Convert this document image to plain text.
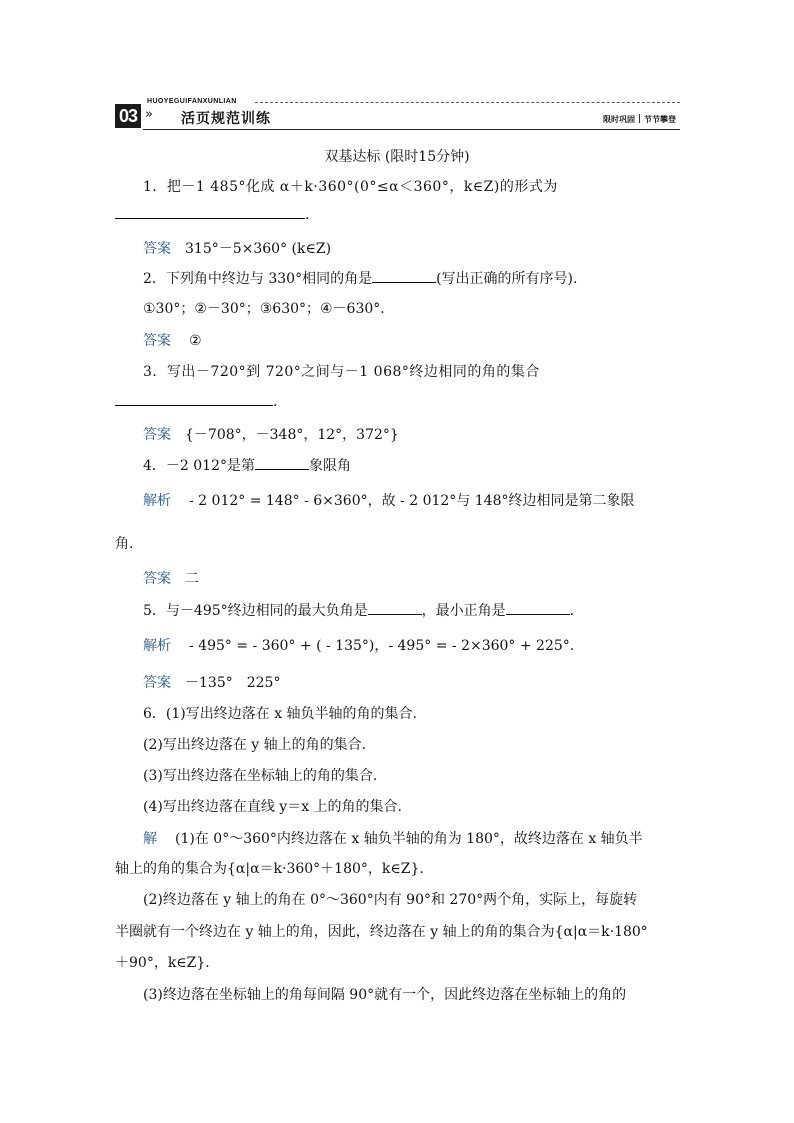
03
HUOYEGUIFANXUNLIAN
» 活页规范训练	限时巩固 节节攀登
双基达标 (限时15分钟)
1．把－1 485°化成 α＋k·360°(0°≤α＜360°，k∈Z)的形式为
.
答案 315°－5×360° (k∈Z)
2．下列角中终边与 330°相同的角是	(写出正确的所有序号).
①30°；②－30°；③630°；④－630°.
答案 ②
3．写出－720°到 720°之间与－1 068°终边相同的角的集合
.
答案 {－708°，－348°，12°，372°}
4．－2 012°是第	象限角
解析 - 2 012° = 148° - 6×360°，故 - 2 012°与 148°终边相同是第二象限
角．
答案 二
5．与－495°终边相同的最大负角是	，最小正角是	.
解析 - 495° = - 360° + ( - 135°)，- 495° = - 2×360° + 225°.
答案 －135°　225°
6．(1)写出终边落在 x 轴负半轴的角的集合.
(2)写出终边落在 y 轴上的角的集合.
(3)写出终边落在坐标轴上的角的集合.
(4)写出终边落在直线 y＝x 上的角的集合.
解 (1)在 0°～360°内终边落在 x 轴负半轴的角为 180°，故终边落在 x 轴负半
轴上的角的集合为{α|α＝k·360°＋180°，k∈Z}.
(2)终边落在 y 轴上的角在 0°～360°内有 90°和 270°两个角，实际上，每旋转
半圈就有一个终边在 y 轴上的角，因此，终边落在 y 轴上的角的集合为{α|α＝k·180°
＋90°，k∈Z}.
(3)终边落在坐标轴上的角每间隔 90°就有一个，因此终边落在坐标轴上的角的
